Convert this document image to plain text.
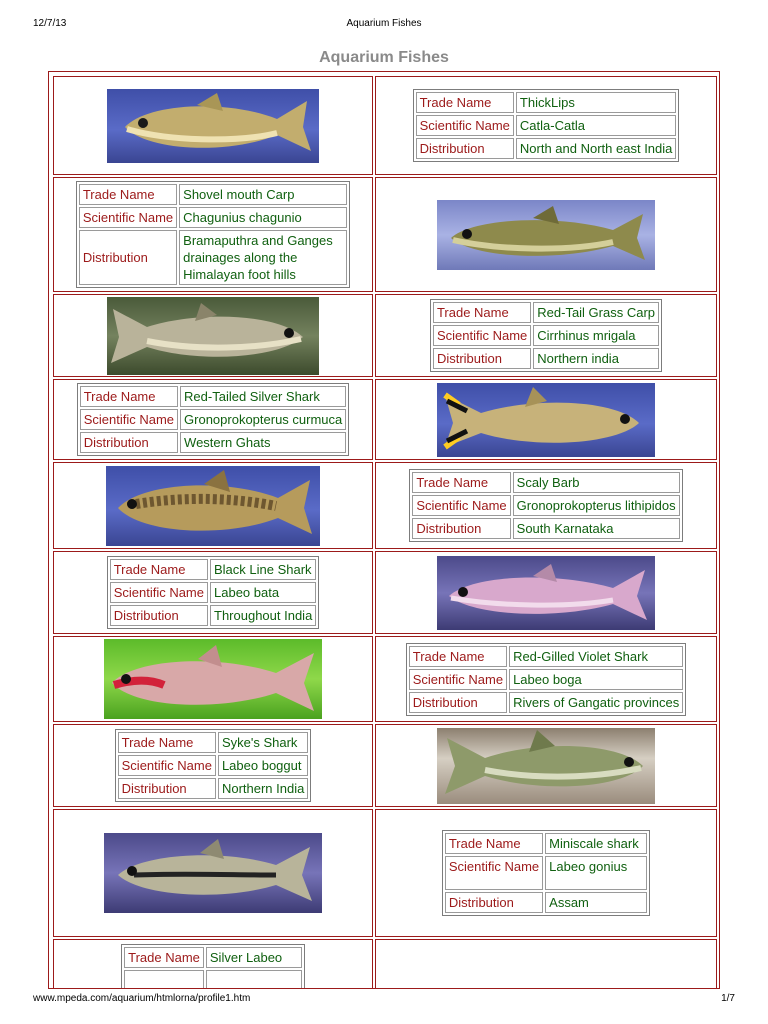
12/7/13	Aquarium Fishes
Aquarium Fishes
Trade Name	ThickLips
Scientific Name	Catla-Catla
Distribution	North and North east India
Trade Name	Shovel mouth Carp
Scientific Name	Chagunius chagunio
Distribution	Bramaputhra and Ganges drainages along the Himalayan foot hills
Trade Name	Red-Tail Grass Carp
Scientific Name	Cirrhinus mrigala
Distribution	Northern india
Trade Name	Red-Tailed Silver Shark
Scientific Name	Gronoprokopterus curmuca
Distribution	Western Ghats
Trade Name	Scaly Barb
Scientific Name	Gronoprokopterus lithipidos
Distribution	South Karnataka
Trade Name	Black Line Shark
Scientific Name	Labeo bata
Distribution	Throughout India
Trade Name	Red-Gilled Violet Shark
Scientific Name	Labeo boga
Distribution	Rivers of Gangatic provinces
Trade Name	Syke's Shark
Scientific Name	Labeo boggut
Distribution	Northern India
Trade Name	Miniscale shark
Scientific Name	Labeo gonius
Distribution	Assam
Trade Name	Silver Labeo

www.mpeda.com/aquarium/htmlorna/profile1.htm	1/7
